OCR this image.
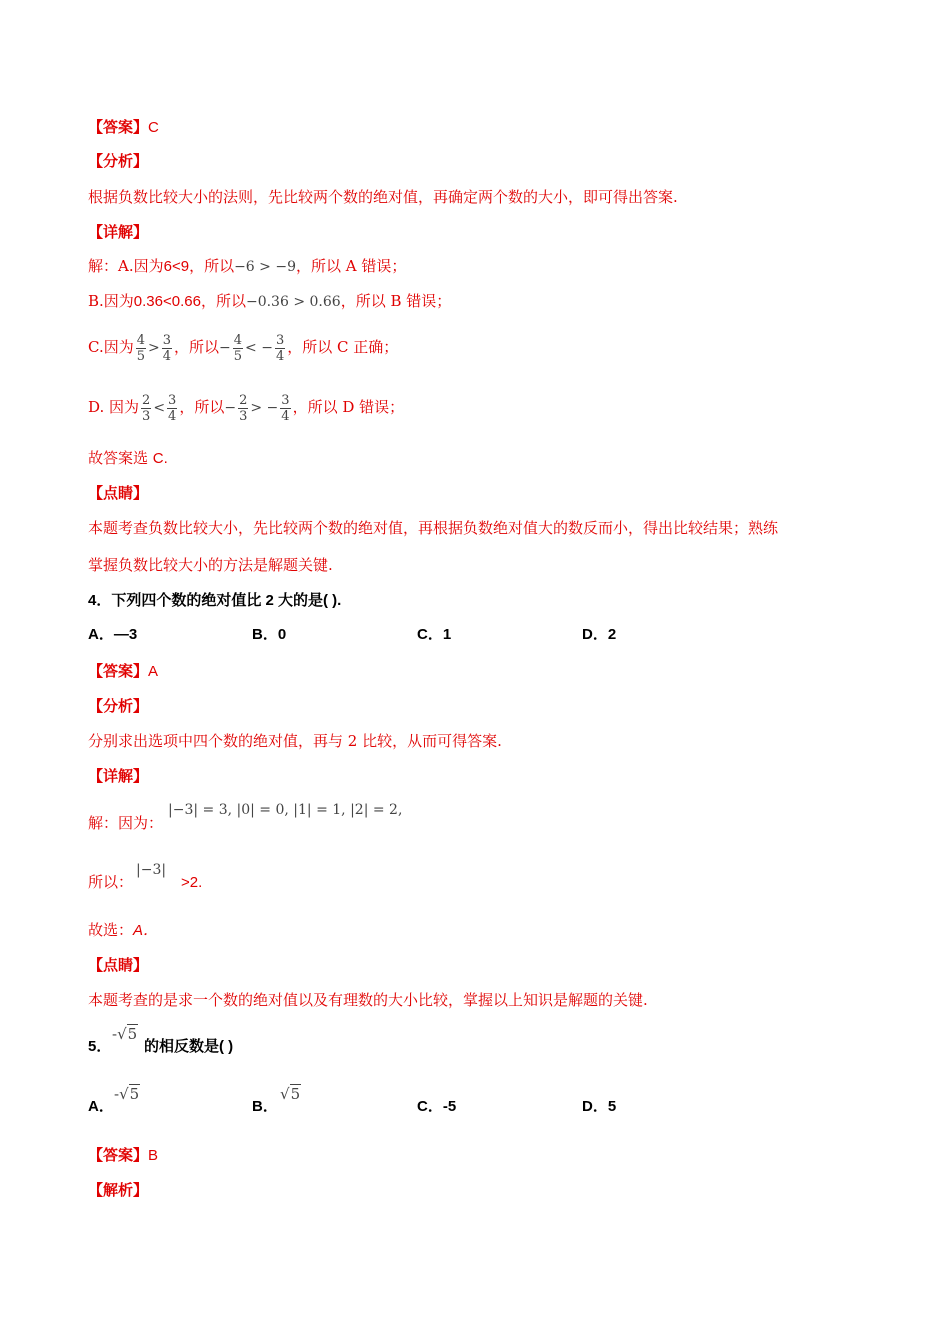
【答案】C
【分析】
根据负数比较大小的法则，先比较两个数的绝对值，再确定两个数的大小，即可得出答案.
【详解】
解：A.因为6<9，所以−6 > −9，所以 A 错误；
B.因为0.36<0.66，所以−0.36 > 0.66，所以 B 错误；
C.因为 $\frac{4}{5} > \frac{3}{4}$ ，所以− $\frac{4}{5}$ < − $\frac{3}{4}$ ，所以 C 正确；
D. 因为 $\frac{2}{3} < \frac{3}{4}$ ，所以− $\frac{2}{3}$ > − $\frac{3}{4}$ ，所以 D 错误；
故答案选 C.
【点睛】
本题考查负数比较大小，先比较两个数的绝对值，再根据负数绝对值大的数反而小，得出比较结果；熟练
掌握负数比较大小的方法是解题关键.
4．下列四个数的绝对值比 2 大的是( ).
A．—3	B．0	C．1	D．2
【答案】A
【分析】
分别求出选项中四个数的绝对值，再与 2 比较，从而可得答案.
【详解】
解：因为：
|−3| = 3, |0| = 0, |1| = 1, |2| = 2,
所以：	>2.
|−3|
故选：A．
【点睛】
本题考查的是求一个数的绝对值以及有理数的大小比较，掌握以上知识是解题的关键.
5．
-√5
的相反数是( )
A．
-√5
B．
√5
C．-5	D．5
【答案】B
【解析】
